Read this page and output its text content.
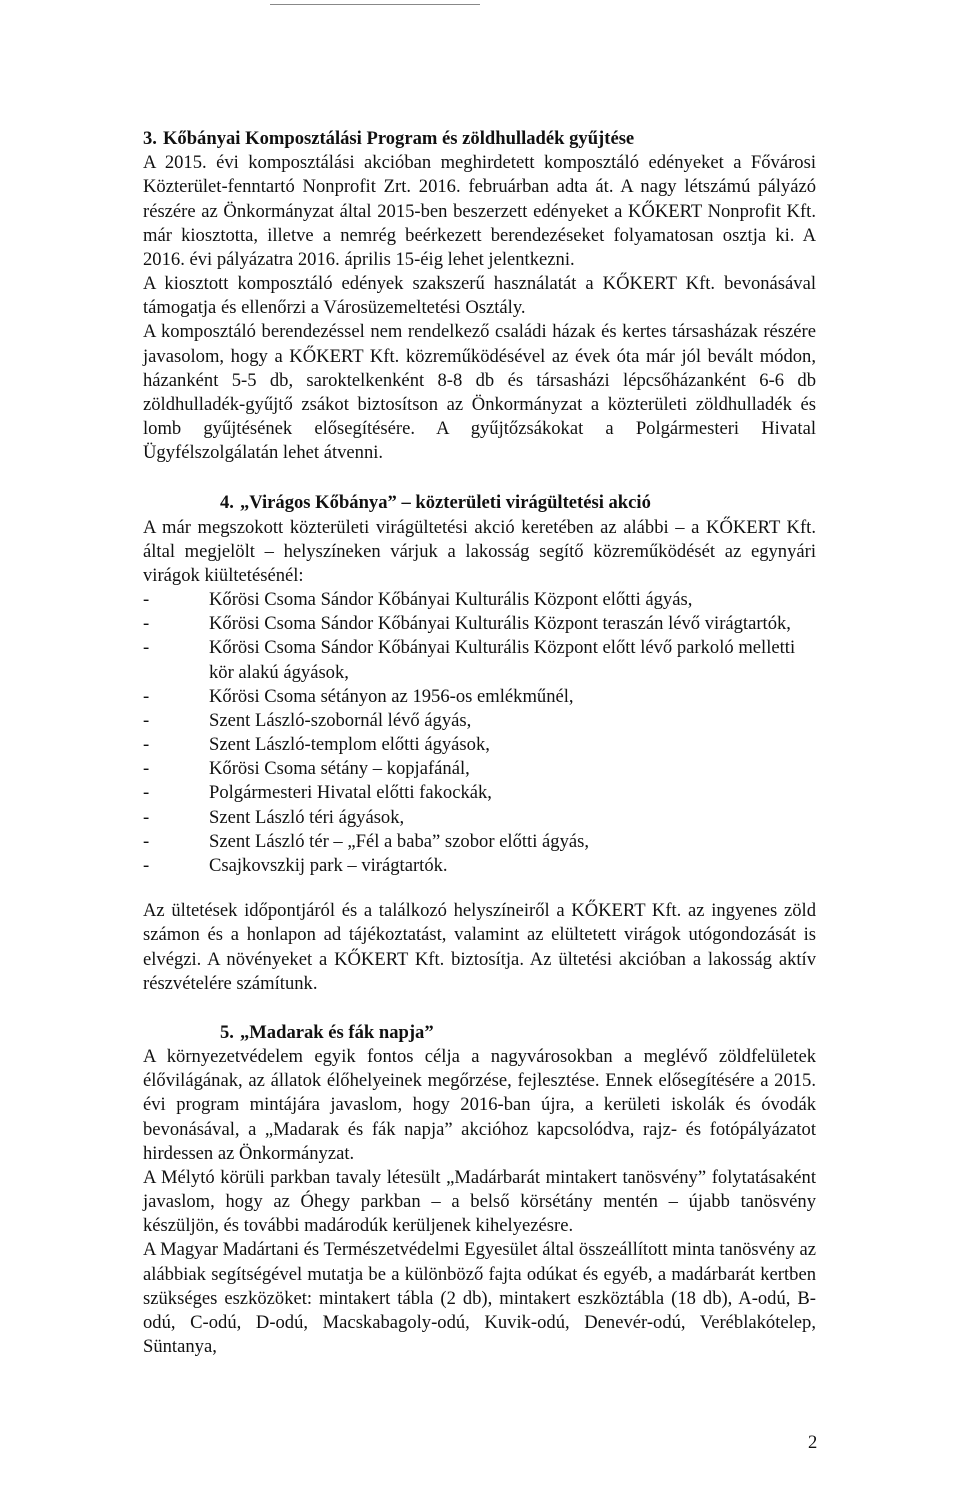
3. Kőbányai Komposztálási Program és zöldhulladék gyűjtése

A 2015. évi komposztálási akcióban meghirdetett komposztáló edényeket a Fővárosi Közterület-fenntartó Nonprofit Zrt. 2016. februárban adta át. A nagy létszámú pályázó részére az Önkormányzat által 2015-ben beszerzett edényeket a KŐKERT Nonprofit Kft. már kiosztotta, illetve a nemrég beérkezett berendezéseket folyamatosan osztja ki. A 2016. évi pályázatra 2016. április 15-éig lehet jelentkezni.

A kiosztott komposztáló edények szakszerű használatát a KŐKERT Kft. bevonásával támogatja és ellenőrzi a Városüzemeltetési Osztály.

A komposztáló berendezéssel nem rendelkező családi házak és kertes társasházak részére javasolom, hogy a KŐKERT Kft. közreműködésével az évek óta már jól bevált módon, házanként 5-5 db, saroktelkenként 8-8 db és társasházi lépcsőházanként 6-6 db zöldhulladék-gyűjtő zsákot biztosítson az Önkormányzat a közterületi zöldhulladék és lomb gyűjtésének elősegítésére. A gyűjtőzsákokat a Polgármesteri Hivatal Ügyfélszolgálatán lehet átvenni.

4. „Virágos Kőbánya” – közterületi virágültetési akció

A már megszokott közterületi virágültetési akció keretében az alábbi – a KŐKERT Kft. által megjelölt – helyszíneken várjuk a lakosság segítő közreműködését az egynyári virágok kiültetésénél:

- Kőrösi Csoma Sándor Kőbányai Kulturális Központ előtti ágyás,
- Kőrösi Csoma Sándor Kőbányai Kulturális Központ teraszán lévő virágtartók,
- Kőrösi Csoma Sándor Kőbányai Kulturális Központ előtt lévő parkoló melletti kör alakú ágyások,
- Kőrösi Csoma sétányon az 1956-os emlékműnél,
- Szent László-szobornál lévő ágyás,
- Szent László-templom előtti ágyások,
- Kőrösi Csoma sétány – kopjafánál,
- Polgármesteri Hivatal előtti fakockák,
- Szent László téri ágyások,
- Szent László tér – „Fél a baba” szobor előtti ágyás,
- Csajkovszkij park – virágtartók.

Az ültetések időpontjáról és a találkozó helyszíneiről a KŐKERT Kft. az ingyenes zöld számon és a honlapon ad tájékoztatást, valamint az elültetett virágok utógondozását is elvégzi. A növényeket a KŐKERT Kft. biztosítja. Az ültetési akcióban a lakosság aktív részvételére számítunk.

5. „Madarak és fák napja”

A környezetvédelem egyik fontos célja a nagyvárosokban a meglévő zöldfelületek élővilágának, az állatok élőhelyeinek megőrzése, fejlesztése. Ennek elősegítésére a 2015. évi program mintájára javaslom, hogy 2016-ban újra, a kerületi iskolák és óvodák bevonásával, a „Madarak és fák napja” akcióhoz kapcsolódva, rajz- és fotópályázatot hirdessen az Önkormányzat.

A Mélytó körüli parkban tavaly létesült „Madárbarát mintakert tanösvény” folytatásaként javaslom, hogy az Óhegy parkban – a belső körsétány mentén – újabb tanösvény készüljön, és további madárodúk kerüljenek kihelyezésre.

A Magyar Madártani és Természetvédelmi Egyesület által összeállított minta tanösvény az alábbiak segítségével mutatja be a különböző fajta odúkat és egyéb, a madárbarát kertben szükséges eszközöket: mintakert tábla (2 db), mintakert eszköztábla (18 db), A-odú, B-odú, C-odú, D-odú, Macskabagoly-odú, Kuvik-odú, Denevér-odú, Veréblakótelep, Süntanya,

2
